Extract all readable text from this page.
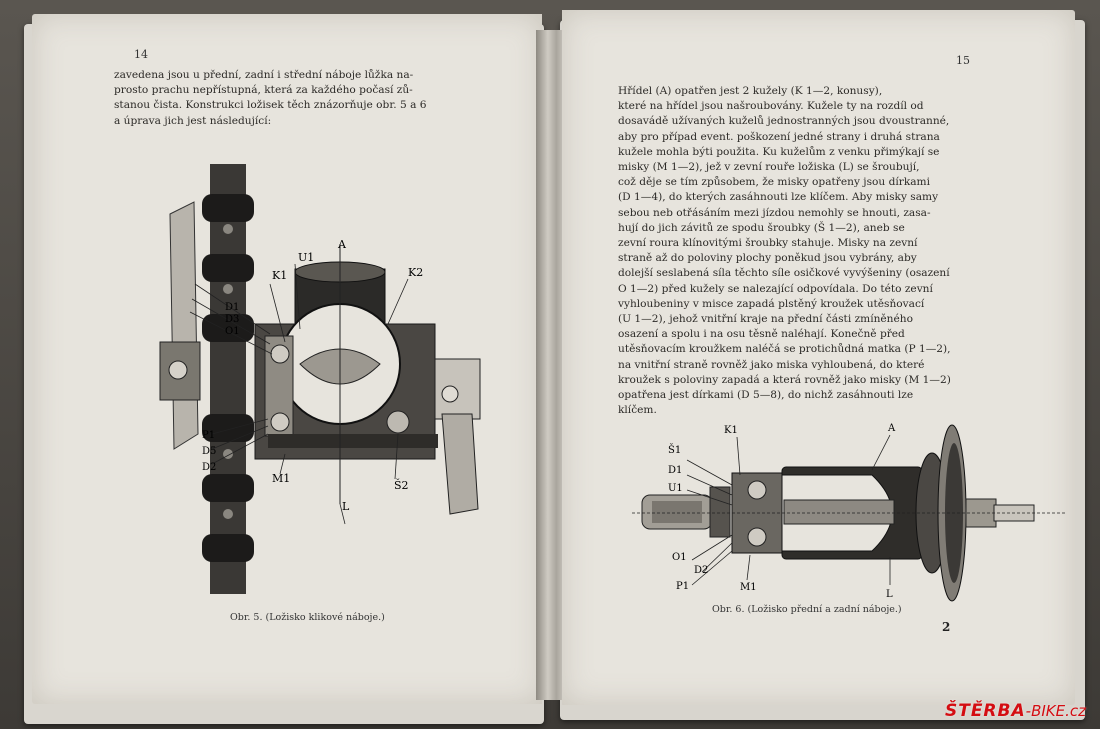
14

zavedena jsou u přední, zadní i střední náboje lůžka na-

prosto prachu nepřístupná, která za každého počasí zů-

stanou čista. Konstrukci ložisek těch znázorňuje obr. 5 a 6

a úprava jich jest následující:

A
K1
U1
K2
D1
D3
O1
P1
D5
D2
M1
L
Š2
Obr. 5. (Ložisko klikové náboje.)
15

Hřídel (A) opatřen jest 2 kužely (K 1—2, konusy),

které na hřídel jsou našroubovány. Kužele ty na rozdíl od

dosavádě užívaných kuželů jednostranných jsou dvoustranné,

aby pro případ event. poškození jedné strany i druhá strana

kužele mohla býti použita. Ku kuželům z venku přimýkají se

misky (M 1—2), jež v zevní rouře ložiska (L) se šroubují,

což děje se tím způsobem, že misky opatřeny jsou dírkami

(D 1—4), do kterých zasáhnouti lze klíčem. Aby misky samy

sebou neb otřásáním mezi jízdou nemohly se hnouti, zasa-

hují do jich závitů ze spodu šroubky (Š 1—2), aneb se

zevní roura klínovitými šroubky stahuje. Misky na zevní

straně až do poloviny plochy poněkud jsou vybrány, aby

dolejší seslabená síla těchto síle osičkové vyvýšeniny (osazení

O 1—2) před kužely se nalezající odpovídala. Do této zevní

vyhloubeniny v misce zapadá plstěný kroužek utěsňovací

(U 1—2), jehož vnitřní kraje na přední části zmíněného

osazení a spolu i na osu těsně naléhají. Konečně před

utěsňovacím kroužkem naléčá se protichůdná matka (P 1—2),

na vnitřní straně rovněž jako miska vyhloubená, do které

kroužek s poloviny zapadá a která rovněž jako misky (M 1—2)

opatřena jest dírkami (D 5—8), do nichž zasáhnouti lze

klíčem.

K1	A
Š1
D1
U1
O1
D2
P1	M1
L
Obr. 6. (Ložisko přední a zadní náboje.)
2
ŠTĚRBA-BIKE.cz
